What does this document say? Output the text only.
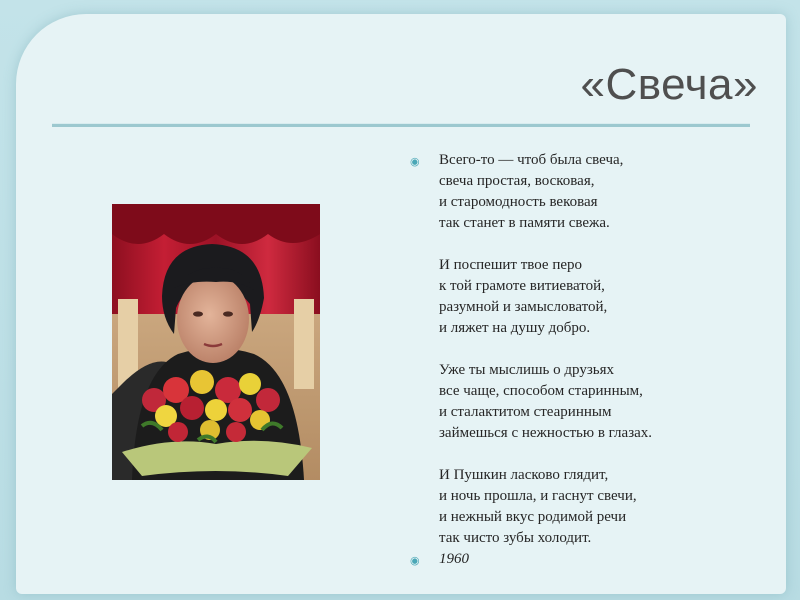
«Свеча»
◉ Всего-то — чтоб была свеча,
свеча простая, восковая,
и старомодность вековая
так станет в памяти свежа.
И поспешит твое перо
к той грамоте витиеватой,
разумной и замысловатой,
и ляжет на душу добро.
Уже ты мыслишь о друзьях
все чаще, способом старинным,
и сталактитом стеаринным
займешься с нежностью в глазах.
И Пушкин ласково глядит,
и ночь прошла, и гаснут свечи,
и нежный вкус родимой речи
так чисто зубы холодит.
◉ 1960
